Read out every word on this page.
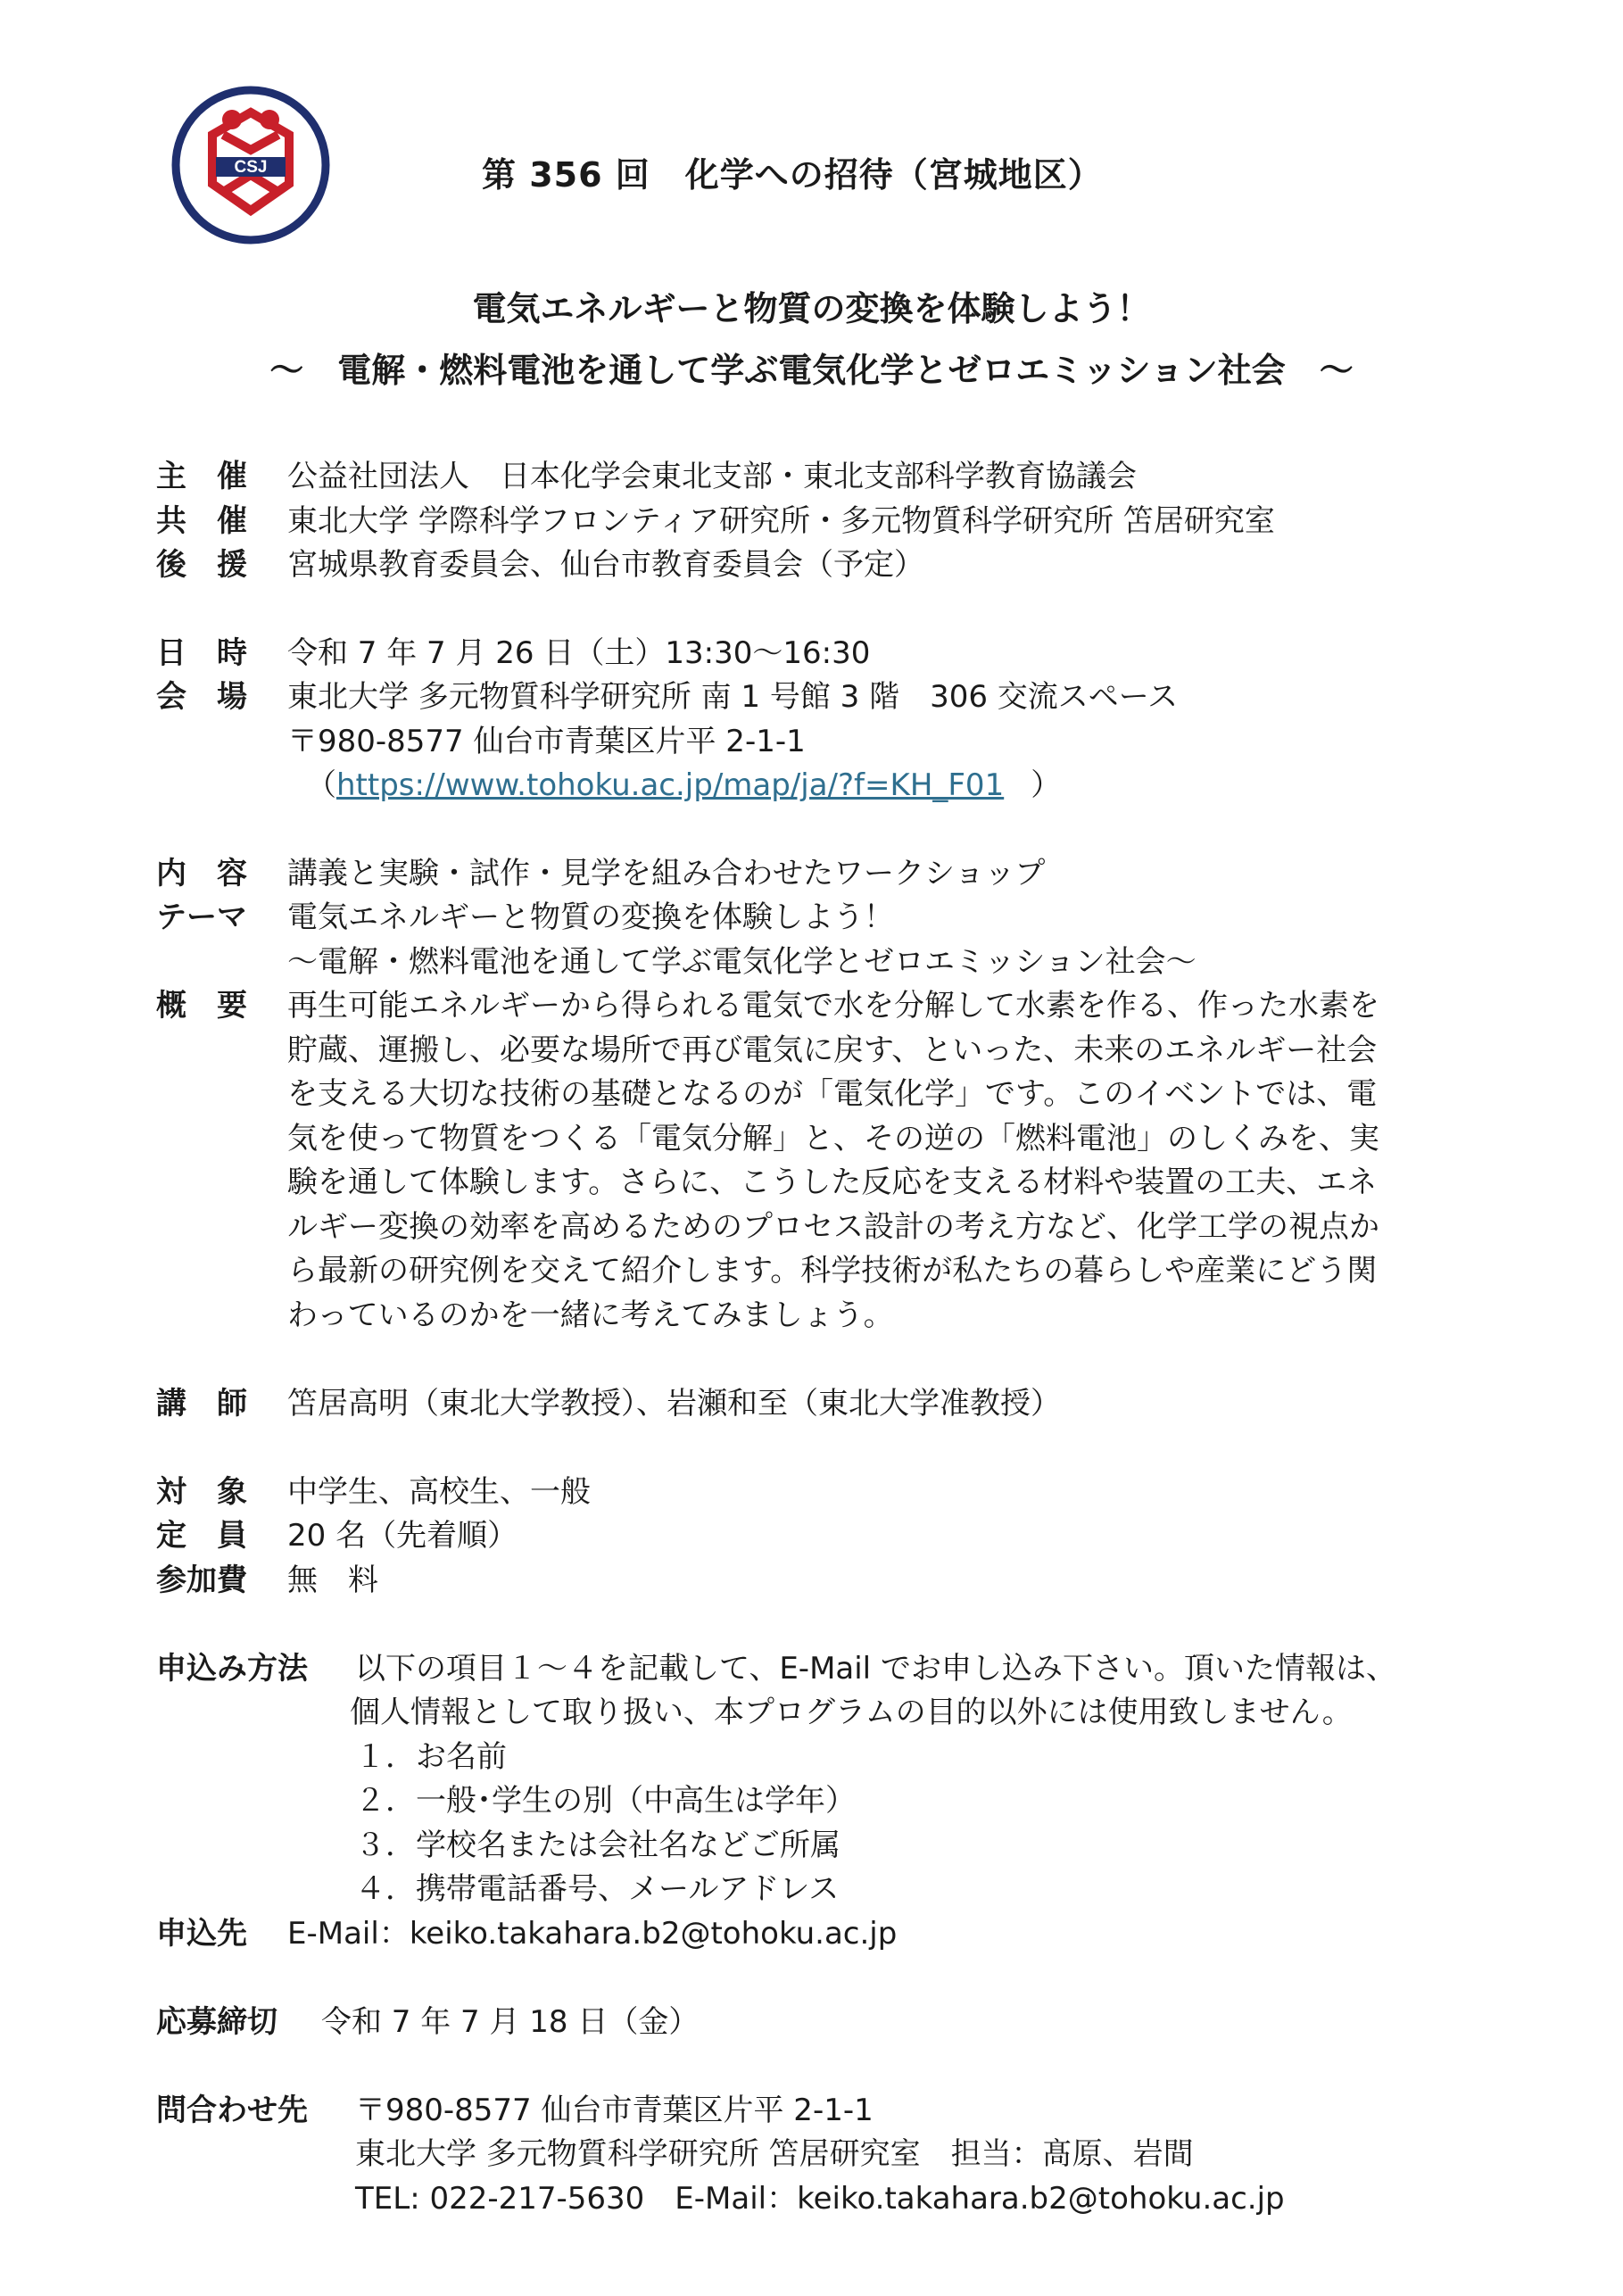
CSJ	第 356 回　化学への招待（宮城地区）
電気エネルギーと物質の変換を体験しよう！
～　電解・燃料電池を通して学ぶ電気化学とゼロエミッション社会　～
主　催 公益社団法人　日本化学会東北支部・東北支部科学教育協議会
共　催 東北大学 学際科学フロンティア研究所・多元物質科学研究所 笘居研究室
後　援 宮城県教育委員会、仙台市教育委員会（予定）
日　時 令和 7 年 7 月 26 日（土）13:30～16:30
会　場 東北大学 多元物質科学研究所 南 1 号館 3 階　306 交流スペース
〒980-8577 仙台市青葉区片平 2-1-1
（https://www.tohoku.ac.jp/map/ja/?f=KH_F01 ）
内　容 講義と実験・試作・見学を組み合わせたワークショップ
テーマ 電気エネルギーと物質の変換を体験しよう！
～電解・燃料電池を通して学ぶ電気化学とゼロエミッション社会～
概　要 再生可能エネルギーから得られる電気で水を分解して水素を作る、作った水素を
貯蔵、運搬し、必要な場所で再び電気に戻す、といった、未来のエネルギー社会
を支える大切な技術の基礎となるのが「電気化学」です。このイベントでは、電
気を使って物質をつくる「電気分解」と、その逆の「燃料電池」のしくみを、実
験を通して体験します。さらに、こうした反応を支える材料や装置の工夫、エネ
ルギー変換の効率を高めるためのプロセス設計の考え方など、化学工学の視点か
ら最新の研究例を交えて紹介します。科学技術が私たちの暮らしや産業にどう関
わっているのかを一緒に考えてみましょう。
講　師 笘居高明（東北大学教授）、岩瀬和至（東北大学准教授）
対　象 中学生、高校生、一般
定　員 20 名（先着順）
参加費 無　料
申込み方法 以下の項目１～４を記載して、E-Mail でお申し込み下さい。頂いた情報は、
個人情報として取り扱い、本プログラムの目的以外には使用致しません。
１．お名前
２．一般･学生の別（中高生は学年）
３．学校名または会社名などご所属
４．携帯電話番号、メールアドレス
申込先 E-Mail：keiko.takahara.b2@tohoku.ac.jp
応募締切 令和 7 年 7 月 18 日（金）
問合わせ先 〒980-8577 仙台市青葉区片平 2-1-1
東北大学 多元物質科学研究所 笘居研究室　担当：髙原、岩間
TEL: 022-217-5630　E-Mail：keiko.takahara.b2@tohoku.ac.jp
